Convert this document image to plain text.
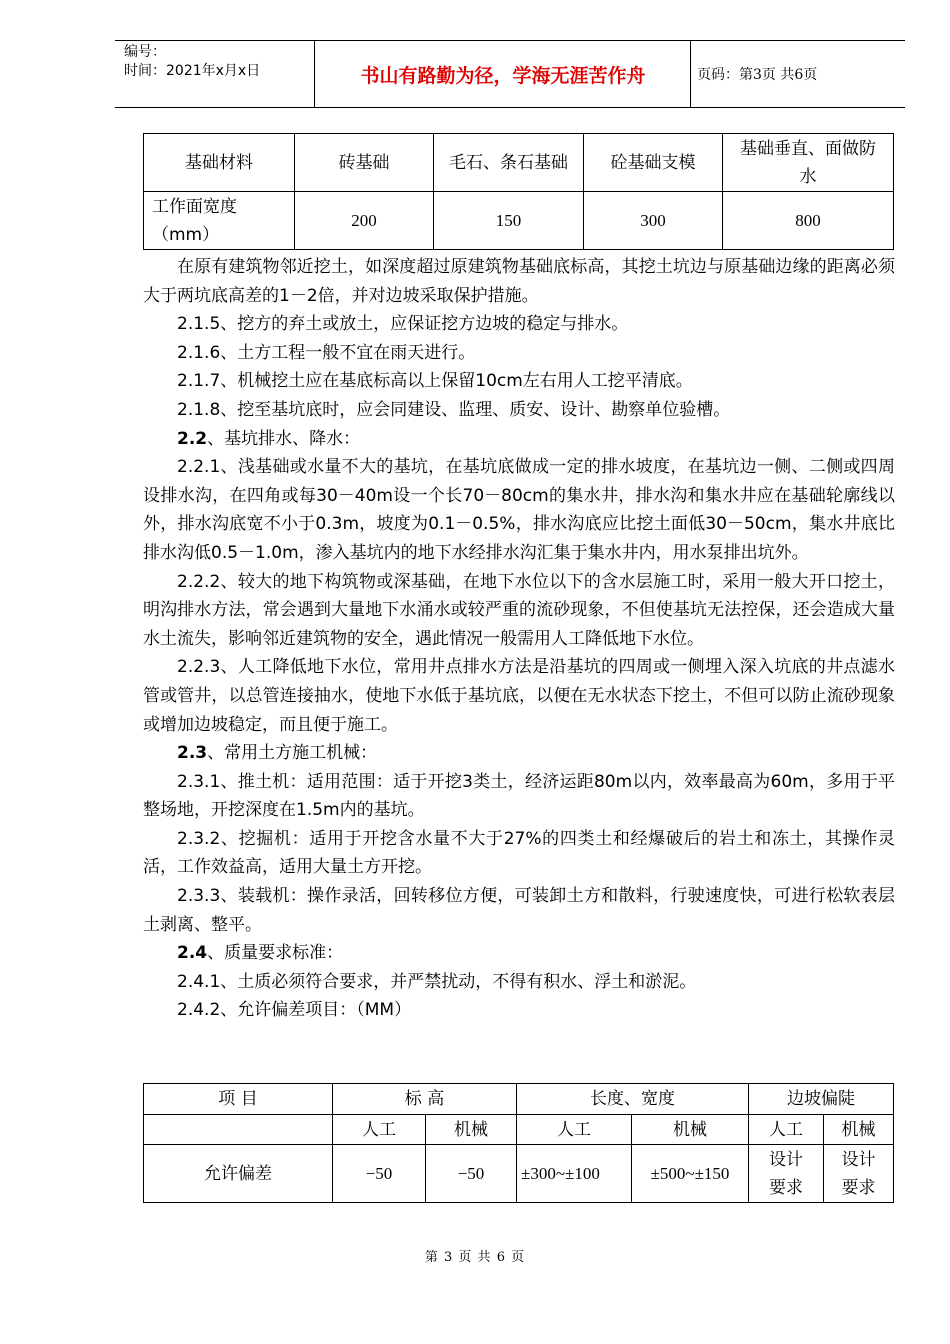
编号：
时间：2021年x月x日	书山有路勤为径，学海无涯苦作舟	页码：第3页 共6页
基础材料	砖基础	毛石、条石基础	砼基础支模	基础垂直、面做防水
工作面宽度（mm）	200	150	300	800

在原有建筑物邻近挖土，如深度超过原建筑物基础底标高，其挖土坑边与原基础边缘的距离必须大于两坑底高差的1－2倍，并对边坡采取保护措施。

2.1.5、挖方的弃土或放土，应保证挖方边坡的稳定与排水。

2.1.6、土方工程一般不宜在雨天进行。

2.1.7、机械挖土应在基底标高以上保留10cm左右用人工挖平清底。

2.1.8、挖至基坑底时，应会同建设、监理、质安、设计、勘察单位验槽。

2.2、基坑排水、降水：

2.2.1、浅基础或水量不大的基坑，在基坑底做成一定的排水坡度，在基坑边一侧、二侧或四周设排水沟，在四角或每30－40m设一个长70－80cm的集水井，排水沟和集水井应在基础轮廓线以外，排水沟底宽不小于0.3m，坡度为0.1－0.5%，排水沟底应比挖土面低30－50cm，集水井底比排水沟低0.5－1.0m，渗入基坑内的地下水经排水沟汇集于集水井内，用水泵排出坑外。

2.2.2、较大的地下构筑物或深基础，在地下水位以下的含水层施工时，采用一般大开口挖土，明沟排水方法，常会遇到大量地下水涌水或较严重的流砂现象，不但使基坑无法控保，还会造成大量水土流失，影响邻近建筑物的安全，遇此情况一般需用人工降低地下水位。

2.2.3、人工降低地下水位，常用井点排水方法是沿基坑的四周或一侧埋入深入坑底的井点滤水管或管井，以总管连接抽水，使地下水低于基坑底，以便在无水状态下挖土，不但可以防止流砂现象或增加边坡稳定，而且便于施工。

2.3、常用土方施工机械：

2.3.1、推土机：适用范围：适于开挖3类土，经济运距80m以内，效率最高为60m，多用于平整场地，开挖深度在1.5m内的基坑。

2.3.2、挖掘机：适用于开挖含水量不大于27%的四类土和经爆破后的岩土和冻土，其操作灵活，工作效益高，适用大量土方开挖。

2.3.3、装载机：操作录活，回转移位方便，可装卸土方和散料，行驶速度快，可进行松软表层土剥离、整平。

2.4、质量要求标准：

2.4.1、土质必须符合要求，并严禁扰动，不得有积水、浮土和淤泥。

2.4.2、允许偏差项目：（MM）

项 目	标 高		长度、宽度		边坡偏陡	
	人工	机械	人工	机械	人工	机械
允许偏差	−50	−50	±300~±100	±500~±150	设计要求	设计要求
第 3 页 共 6 页
